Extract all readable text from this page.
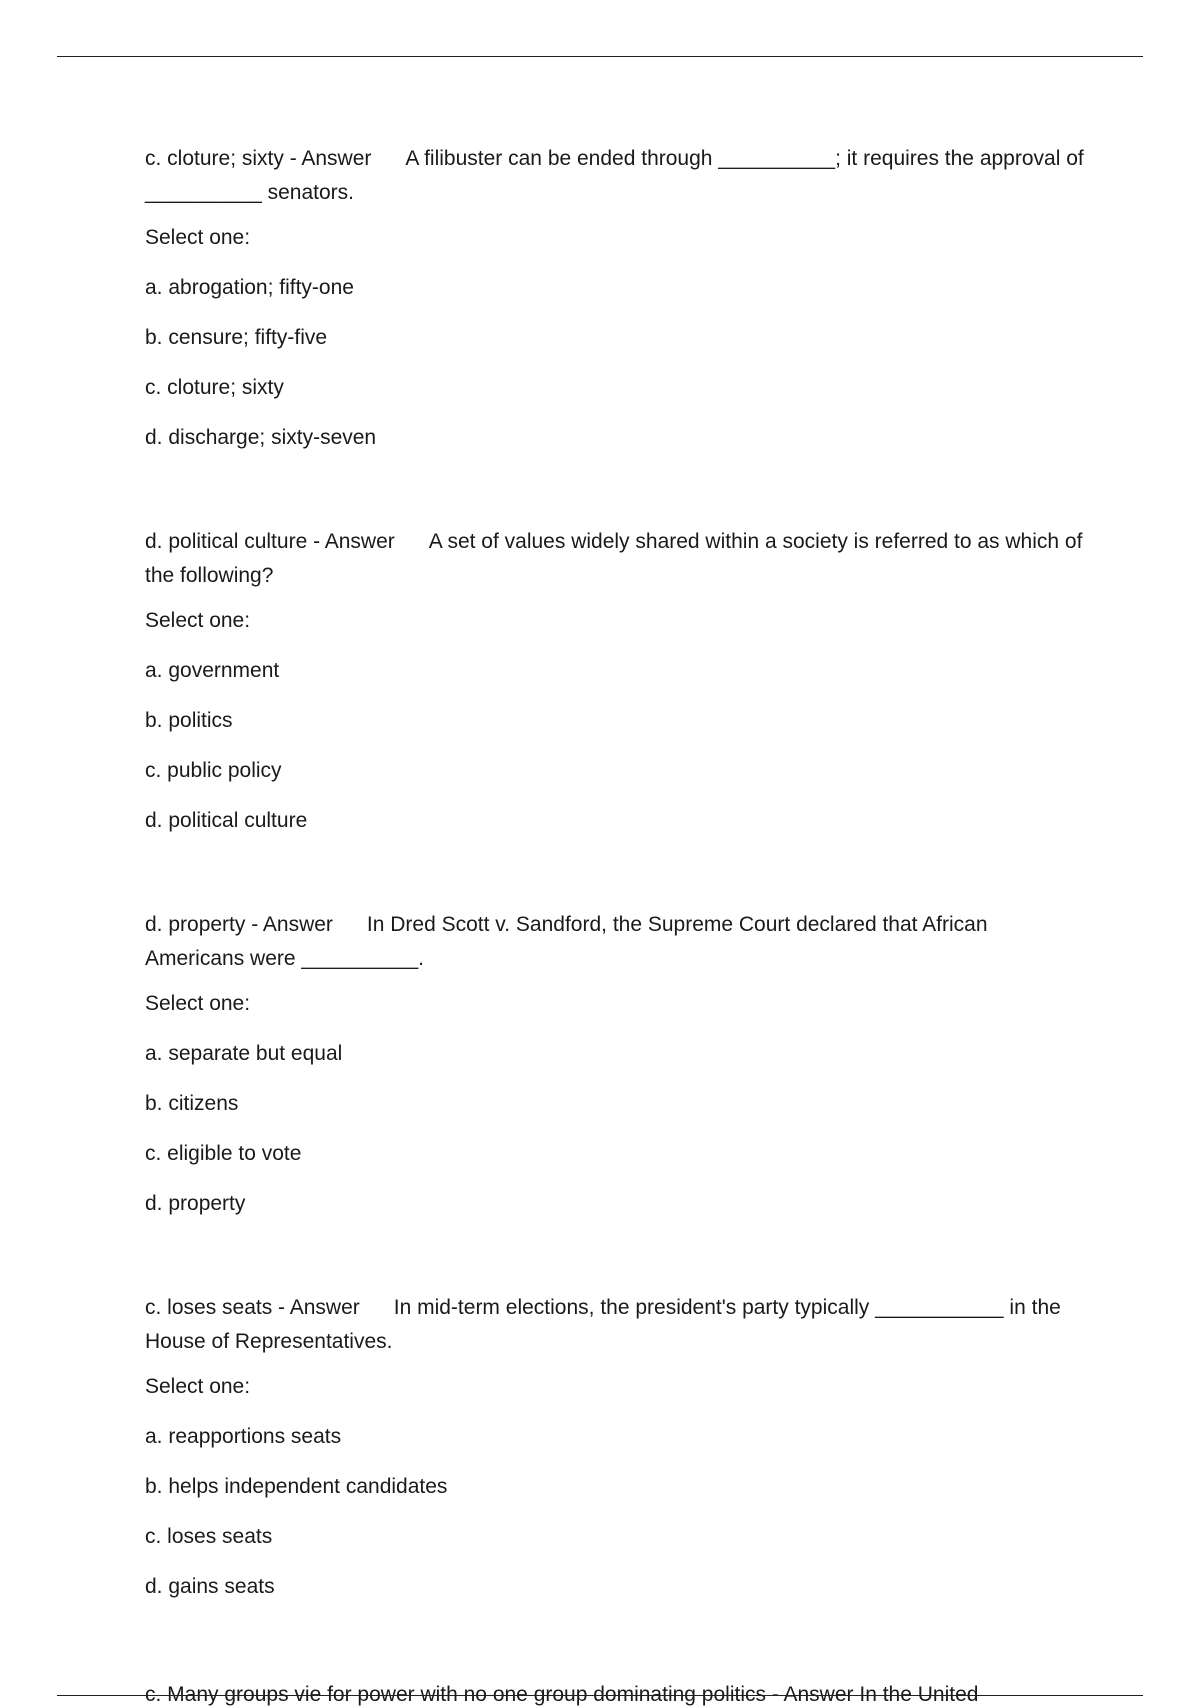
c. cloture; sixty - Answer A filibuster can be ended through __________; it requires the approval of __________ senators.

Select one:

a. abrogation; fifty-one

b. censure; fifty-five

c. cloture; sixty

d. discharge; sixty-seven

d. political culture - Answer A set of values widely shared within a society is referred to as which of the following?

Select one:

a. government

b. politics

c. public policy

d. political culture

d. property - Answer In Dred Scott v. Sandford, the Supreme Court declared that African Americans were __________.

Select one:

a. separate but equal

b. citizens

c. eligible to vote

d. property

c. loses seats - Answer In mid-term elections, the president's party typically ___________ in the House of Representatives.

Select one:

a. reapportions seats

b. helps independent candidates

c. loses seats

d. gains seats

c. Many groups vie for power with no one group dominating politics - Answer In the United
